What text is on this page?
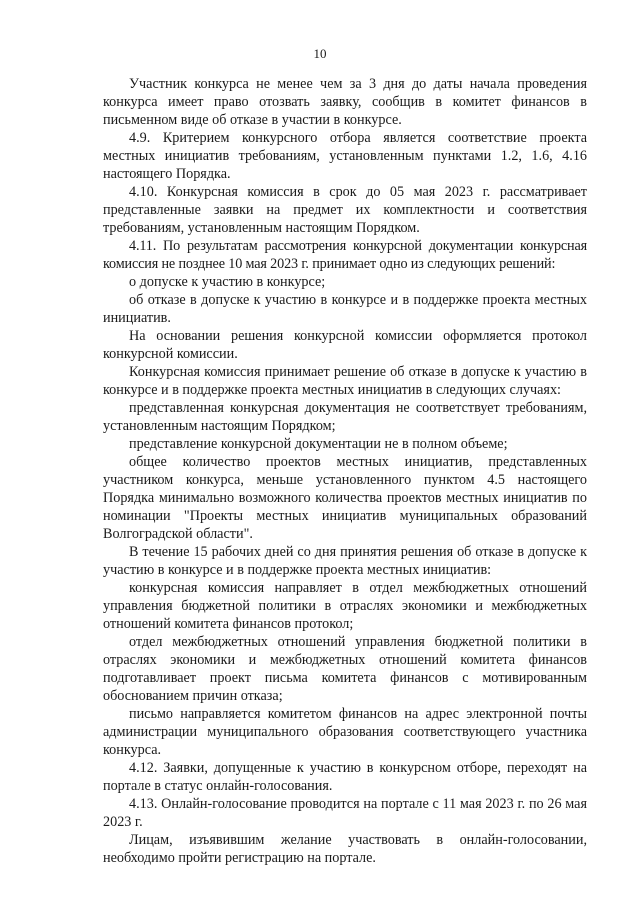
10

Участник конкурса не менее чем за 3 дня до даты начала проведения конкурса имеет право отозвать заявку, сообщив в комитет финансов в письменном виде об отказе в участии в конкурсе.

4.9. Критерием конкурсного отбора является соответствие проекта местных инициатив требованиям, установленным пунктами 1.2, 1.6, 4.16 настоящего Порядка.

4.10. Конкурсная комиссия в срок до 05 мая 2023 г. рассматривает представленные заявки на предмет их комплектности и соответствия требованиям, установленным настоящим Порядком.

4.11. По результатам рассмотрения конкурсной документации конкурсная комиссия не позднее 10 мая 2023 г. принимает одно из следующих решений:

о допуске к участию в конкурсе;

об отказе в допуске к участию в конкурсе и в поддержке проекта местных инициатив.

На основании решения конкурсной комиссии оформляется протокол конкурсной комиссии.

Конкурсная комиссия принимает решение об отказе в допуске к участию в конкурсе и в поддержке проекта местных инициатив в следующих случаях:

представленная конкурсная документация не соответствует требованиям, установленным настоящим Порядком;

представление конкурсной документации не в полном объеме;

общее количество проектов местных инициатив, представленных участником конкурса, меньше установленного пунктом 4.5 настоящего Порядка минимально возможного количества проектов местных инициатив по номинации "Проекты местных инициатив муниципальных образований Волгоградской области".

В течение 15 рабочих дней со дня принятия решения об отказе в допуске к участию в конкурсе и в поддержке проекта местных инициатив:

конкурсная комиссия направляет в отдел межбюджетных отношений управления бюджетной политики в отраслях экономики и межбюджетных отношений комитета финансов протокол;

отдел межбюджетных отношений управления бюджетной политики в отраслях экономики и межбюджетных отношений комитета финансов подготавливает проект письма комитета финансов с мотивированным обоснованием причин отказа;

письмо направляется комитетом финансов на адрес электронной почты администрации муниципального образования соответствующего участника конкурса.

4.12. Заявки, допущенные к участию в конкурсном отборе, переходят на портале в статус онлайн-голосования.

4.13. Онлайн-голосование проводится на портале с 11 мая 2023 г. по 26 мая 2023 г.

Лицам, изъявившим желание участвовать в онлайн-голосовании, необходимо пройти регистрацию на портале.
